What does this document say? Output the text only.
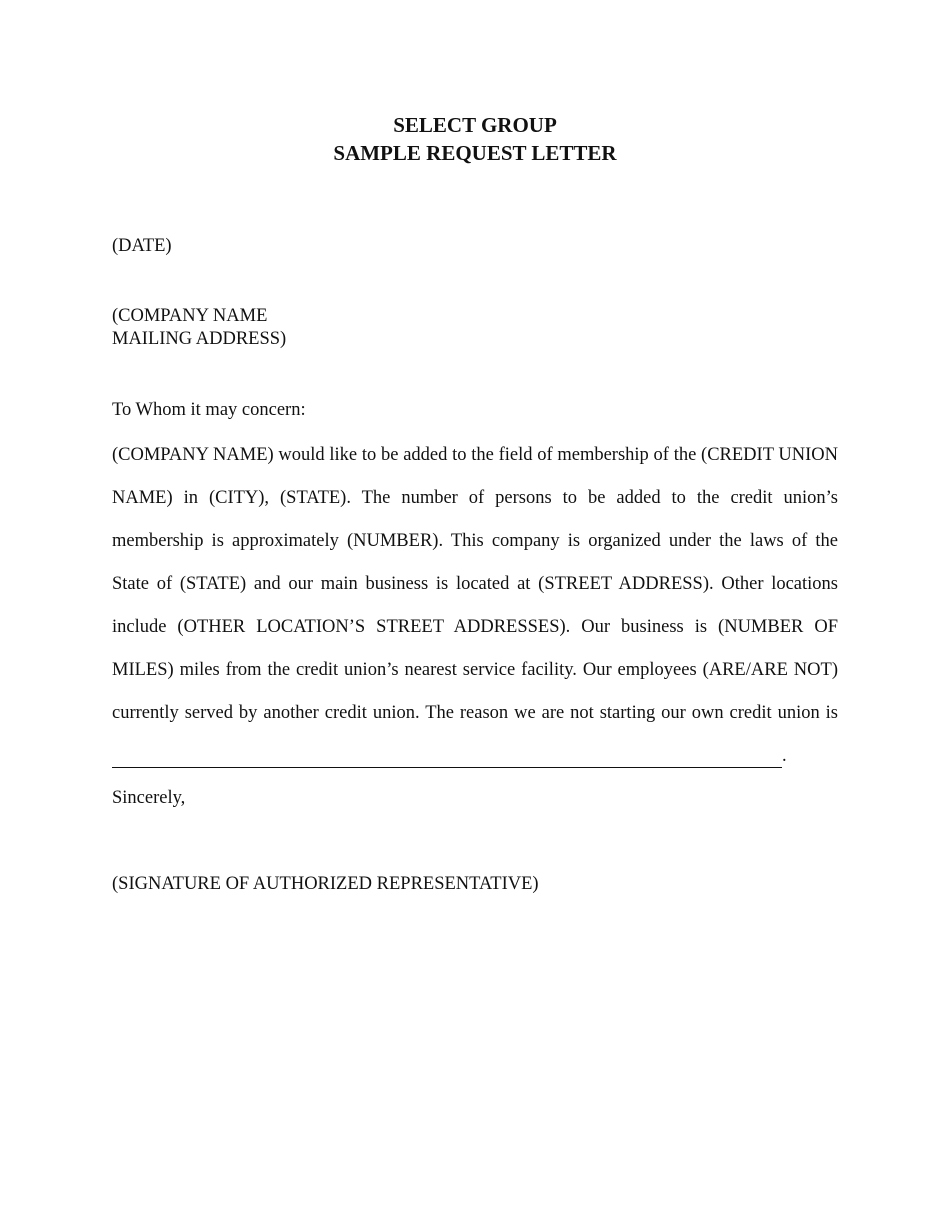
SELECT GROUP
SAMPLE REQUEST LETTER
(DATE)
(COMPANY NAME
MAILING ADDRESS)
To Whom it may concern:
(COMPANY NAME) would like to be added to the field of membership of the (CREDIT UNION
NAME) in (CITY), (STATE). The number of persons to be added to the credit union’s
membership is approximately (NUMBER). This company is organized under the laws of the
State of (STATE) and our main business is located at (STREET ADDRESS). Other locations
include (OTHER LOCATION’S STREET ADDRESSES). Our business is (NUMBER OF
MILES) miles from the credit union’s nearest service facility. Our employees (ARE/ARE NOT)
currently served by another credit union. The reason we are not starting our own credit union is
.
Sincerely,
(SIGNATURE OF AUTHORIZED REPRESENTATIVE)
